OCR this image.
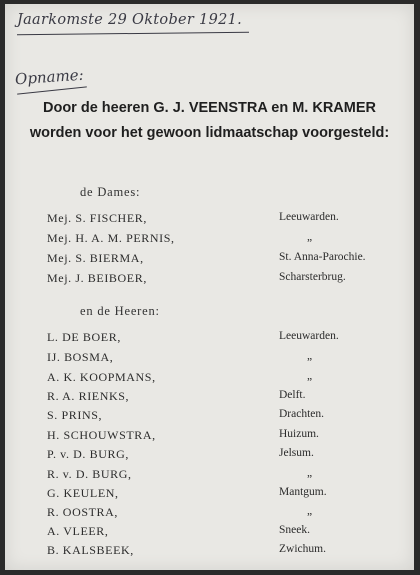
Jaarkomste 29 Oktober 1921.
Opname:
Door de heeren G. J. VEENSTRA en M. KRAMER
worden voor het gewoon lidmaatschap voorgesteld:
de Dames:
Mej. S. FISCHER,	Leeuwarden.
Mej. H. A. M. PERNIS,	„
Mej. S. BIERMA,	St. Anna-Parochie.
Mej. J. BEIBOER,	Scharsterbrug.
en de Heeren:
L. DE BOER,	Leeuwarden.
IJ. BOSMA,	„
A. K. KOOPMANS,	„
R. A. RIENKS,	Delft.
S. PRINS,	Drachten.
H. SCHOUWSTRA,	Huizum.
P. v. D. BURG,	Jelsum.
R. v. D. BURG,	„
G. KEULEN,	Mantgum.
R. OOSTRA,	„
A. VLEER,	Sneek.
B. KALSBEEK,	Zwichum.
